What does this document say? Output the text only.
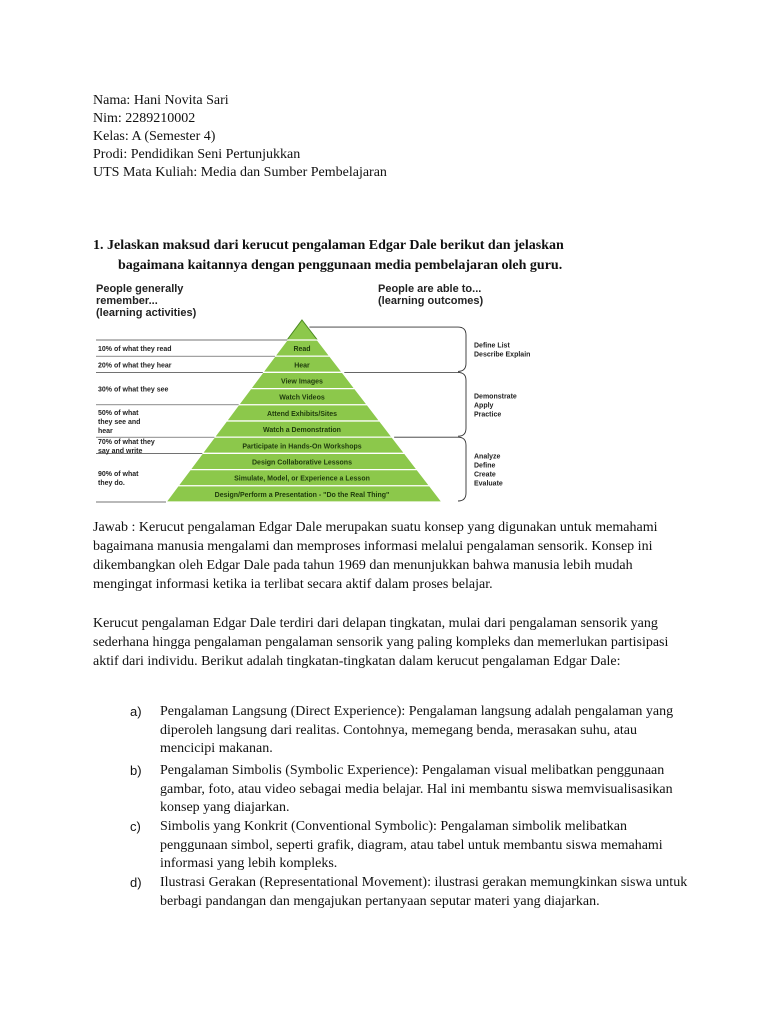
Nama: Hani Novita Sari
Nim: 2289210002
Kelas: A (Semester 4)
Prodi: Pendidikan Seni Pertunjukkan
UTS Mata Kuliah: Media dan Sumber Pembelajaran
1. Jelaskan maksud dari kerucut pengalaman Edgar Dale berikut dan jelaskan
bagaimana kaitannya dengan penggunaan media pembelajaran oleh guru.
People generally
remember...
(learning activities)
People are able to...
(learning outcomes)
Read
Hear
View Images
Watch Videos
Attend Exhibits/Sites
Watch a Demonstration
Participate in Hands-On Workshops
Design Collaborative Lessons
Simulate, Model, or Experience a Lesson
Design/Perform a Presentation - "Do the Real Thing"
10% of what they read
20% of what they hear
30% of what they see
50% of what
they see and
hear
70% of what they
say and write
90% of what
they do.
Define List
Describe Explain
Demonstrate
Apply
Practice
Analyze
Define
Create
Evaluate

Jawab : Kerucut pengalaman Edgar Dale merupakan suatu konsep yang digunakan untuk memahami bagaimana manusia mengalami dan memproses informasi melalui pengalaman sensorik. Konsep ini dikembangkan oleh Edgar Dale pada tahun 1969 dan menunjukkan bahwa manusia lebih mudah mengingat informasi ketika ia terlibat secara aktif dalam proses belajar.

Kerucut pengalaman Edgar Dale terdiri dari delapan tingkatan, mulai dari pengalaman sensorik yang sederhana hingga pengalaman pengalaman sensorik yang paling kompleks dan memerlukan partisipasi aktif dari individu. Berikut adalah tingkatan-tingkatan dalam kerucut pengalaman Edgar Dale:

a) Pengalaman Langsung (Direct Experience): Pengalaman langsung adalah pengalaman yang diperoleh langsung dari realitas. Contohnya, memegang benda, merasakan suhu, atau mencicipi makanan.
b) Pengalaman Simbolis (Symbolic Experience): Pengalaman visual melibatkan penggunaan gambar, foto, atau video sebagai media belajar. Hal ini membantu siswa memvisualisasikan konsep yang diajarkan.
c) Simbolis yang Konkrit (Conventional Symbolic): Pengalaman simbolik melibatkan penggunaan simbol, seperti grafik, diagram, atau tabel untuk membantu siswa memahami informasi yang lebih kompleks.
d) Ilustrasi Gerakan (Representational Movement): ilustrasi gerakan memungkinkan siswa untuk berbagi pandangan dan mengajukan pertanyaan seputar materi yang diajarkan.
